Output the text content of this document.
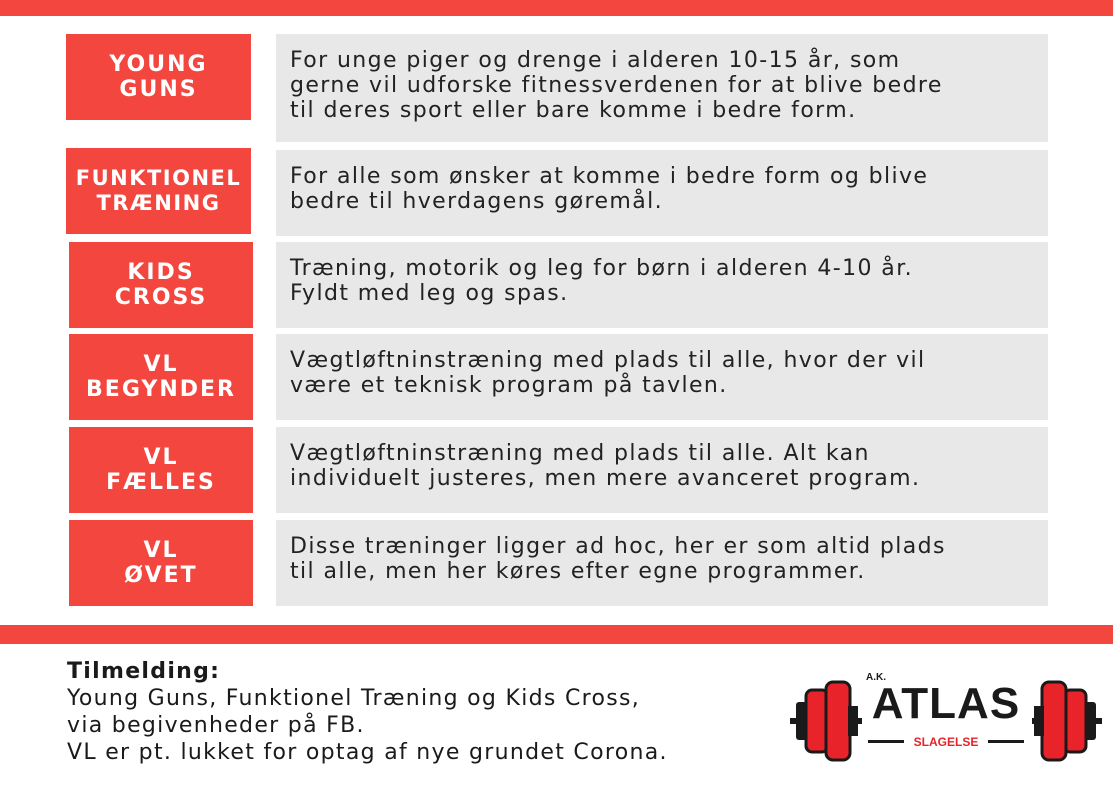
YOUNG
GUNS
For unge piger og drenge i alderen 10-15 år, som
gerne vil udforske fitnessverdenen for at blive bedre
til deres sport eller bare komme i bedre form.
FUNKTIONEL
TRÆNING
For alle som ønsker at komme i bedre form og blive
bedre til hverdagens gøremål.
KIDS
CROSS
Træning, motorik og leg for børn i alderen 4-10 år.
Fyldt med leg og spas.
VL
BEGYNDER
Vægtløftninstræning med plads til alle, hvor der vil
være et teknisk program på tavlen.
VL
FÆLLES
Vægtløftninstræning med plads til alle. Alt kan
individuelt justeres, men mere avanceret program.
VL
ØVET
Disse træninger ligger ad hoc, her er som altid plads
til alle, men her køres efter egne programmer.
Tilmelding:
Young Guns, Funktionel Træning og Kids Cross,
via begivenheder på FB.
VL er pt. lukket for optag af nye grundet Corona.
A.K.
ATLAS
SLAGELSE
